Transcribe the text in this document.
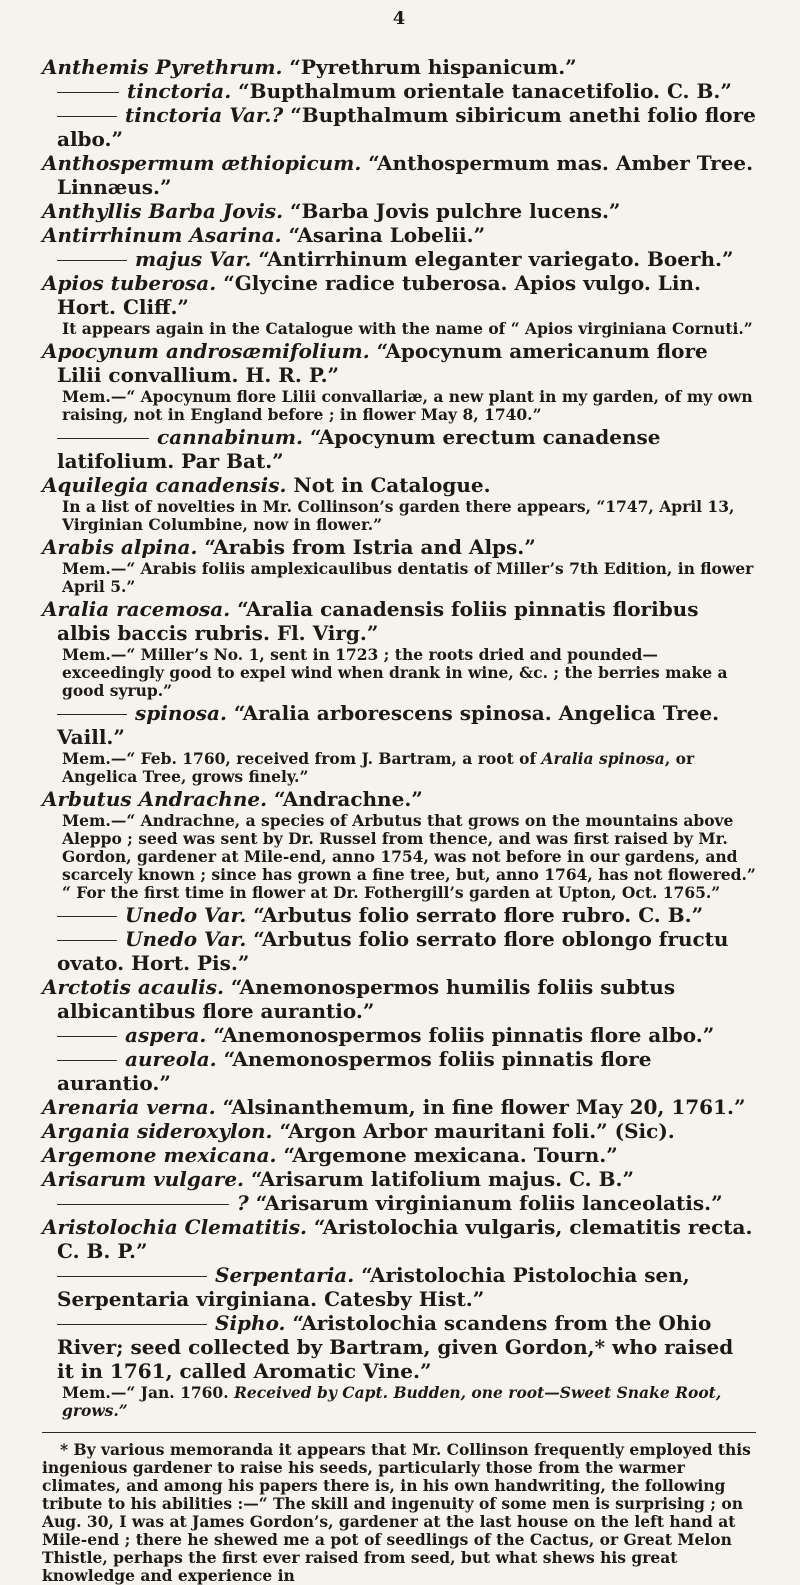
4

Anthemis Pyrethrum. “Pyrethrum hispanicum.”

tinctoria. “Bupthalmum orientale tanacetifolio. C. B.”

tinctoria Var.? “Bupthalmum sibiricum anethi folio flore albo.”

Anthospermum æthiopicum. “Anthospermum mas. Amber Tree. Linnæus.”

Anthyllis Barba Jovis. “Barba Jovis pulchre lucens.”

Antirrhinum Asarina. “Asarina Lobelii.”

majus Var. “Antirrhinum eleganter variegato. Boerh.”

Apios tuberosa. “Glycine radice tuberosa. Apios vulgo. Lin. Hort. Cliff.”

It appears again in the Catalogue with the name of “ Apios virginiana Cornuti.”

Apocynum androsæmifolium. “Apocynum americanum flore Lilii convallium. H. R. P.”

Mem.—“ Apocynum flore Lilii convallariæ, a new plant in my garden, of my own raising, not in England before ; in flower May 8, 1740.”

cannabinum. “Apocynum erectum canadense latifolium. Par Bat.”

Aquilegia canadensis. Not in Catalogue.

In a list of novelties in Mr. Collinson’s garden there appears, “1747, April 13, Virginian Columbine, now in flower.”

Arabis alpina. “Arabis from Istria and Alps.”

Mem.—“ Arabis foliis amplexicaulibus dentatis of Miller’s 7th Edition, in flower April 5.”

Aralia racemosa. “Aralia canadensis foliis pinnatis floribus albis baccis rubris. Fl. Virg.”

Mem.—“ Miller’s No. 1, sent in 1723 ; the roots dried and pounded—exceedingly good to expel wind when drank in wine, &c. ; the berries make a good syrup.”

spinosa. “Aralia arborescens spinosa. Angelica Tree. Vaill.”

Mem.—“ Feb. 1760, received from J. Bartram, a root of Aralia spinosa, or Angelica Tree, grows finely.”

Arbutus Andrachne. “Andrachne.”

Mem.—“ Andrachne, a species of Arbutus that grows on the mountains above Aleppo ; seed was sent by Dr. Russel from thence, and was first raised by Mr. Gordon, gardener at Mile-end, anno 1754, was not before in our gardens, and scarcely known ; since has grown a fine tree, but, anno 1764, has not flowered.” “ For the first time in flower at Dr. Fothergill’s garden at Upton, Oct. 1765.”

Unedo Var. “Arbutus folio serrato flore rubro. C. B.”

Unedo Var. “Arbutus folio serrato flore oblongo fructu ovato. Hort. Pis.”

Arctotis acaulis. “Anemonospermos humilis foliis subtus albicantibus flore aurantio.”

aspera. “Anemonospermos foliis pinnatis flore albo.”

aureola. “Anemonospermos foliis pinnatis flore aurantio.”

Arenaria verna. “Alsinanthemum, in fine flower May 20, 1761.”

Argania sideroxylon. “Argon Arbor mauritani foli.” (Sic).

Argemone mexicana. “Argemone mexicana. Tourn.”

Arisarum vulgare. “Arisarum latifolium majus. C. B.”

? “Arisarum virginianum foliis lanceolatis.”

Aristolochia Clematitis. “Aristolochia vulgaris, clematitis recta. C. B. P.”

Serpentaria. “Aristolochia Pistolochia sen, Serpentaria virginiana. Catesby Hist.”

Sipho. “Aristolochia scandens from the Ohio River; seed collected by Bartram, given Gordon,* who raised it in 1761, called Aromatic Vine.”

Mem.—“ Jan. 1760. Received by Capt. Budden, one root—Sweet Snake Root, grows.”

* By various memoranda it appears that Mr. Collinson frequently employed this ingenious gardener to raise his seeds, particularly those from the warmer climates, and among his papers there is, in his own handwriting, the following tribute to his abilities :—“ The skill and ingenuity of some men is surprising ; on Aug. 30, I was at James Gordon’s, gardener at the last house on the left hand at Mile-end ; there he shewed me a pot of seedlings of the Cactus, or Great Melon Thistle, perhaps the first ever raised from seed, but what shews his great knowledge and experience in
